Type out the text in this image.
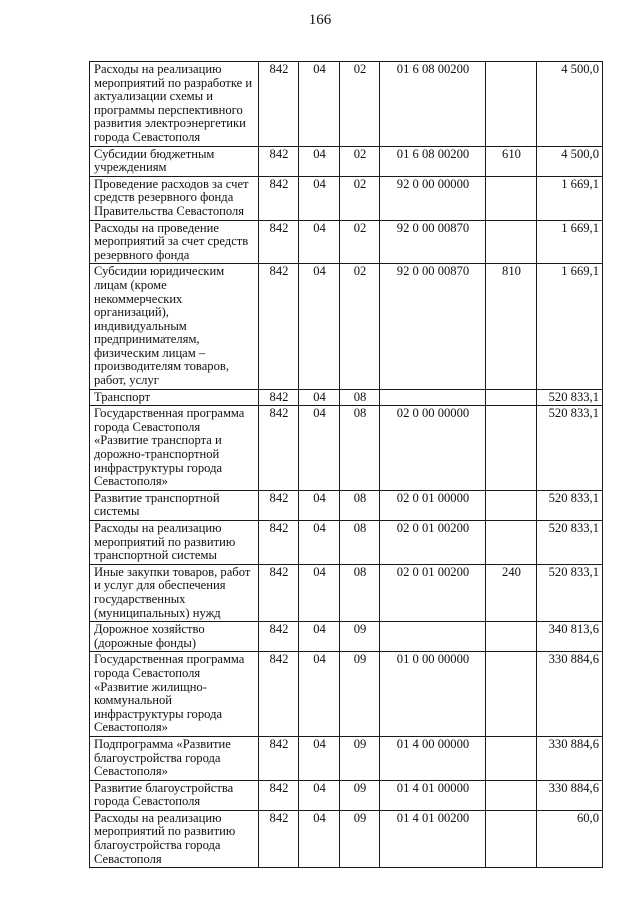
166
Расходы на реализацию мероприятий по разработке и актуализации схемы и программы перспективного развития электроэнергетики города Севастополя	842	04	02	01 6 08 00200		4 500,0
Субсидии бюджетным учреждениям	842	04	02	01 6 08 00200	610	4 500,0
Проведение расходов за счет средств резервного фонда Правительства Севастополя	842	04	02	92 0 00 00000		1 669,1
Расходы на проведение мероприятий за счет средств резервного фонда	842	04	02	92 0 00 00870		1 669,1
Субсидии юридическим лицам (кроме некоммерческих организаций), индивидуальным предпринимателям, физическим лицам – производителям товаров, работ, услуг	842	04	02	92 0 00 00870	810	1 669,1
Транспорт	842	04	08			520 833,1
Государственная программа города Севастополя «Развитие транспорта и дорожно-транспортной инфраструктуры города Севастополя»	842	04	08	02 0 00 00000		520 833,1
Развитие транспортной системы	842	04	08	02 0 01 00000		520 833,1
Расходы на реализацию мероприятий по развитию транспортной системы	842	04	08	02 0 01 00200		520 833,1
Иные закупки товаров, работ и услуг для обеспечения государственных (муниципальных) нужд	842	04	08	02 0 01 00200	240	520 833,1
Дорожное хозяйство (дорожные фонды)	842	04	09			340 813,6
Государственная программа города Севастополя «Развитие жилищно-коммунальной инфраструктуры города Севастополя»	842	04	09	01 0 00 00000		330 884,6
Подпрограмма «Развитие благоустройства города Севастополя»	842	04	09	01 4 00 00000		330 884,6
Развитие благоустройства города Севастополя	842	04	09	01 4 01 00000		330 884,6
Расходы на реализацию мероприятий по развитию благоустройства города Севастополя	842	04	09	01 4 01 00200		60,0
